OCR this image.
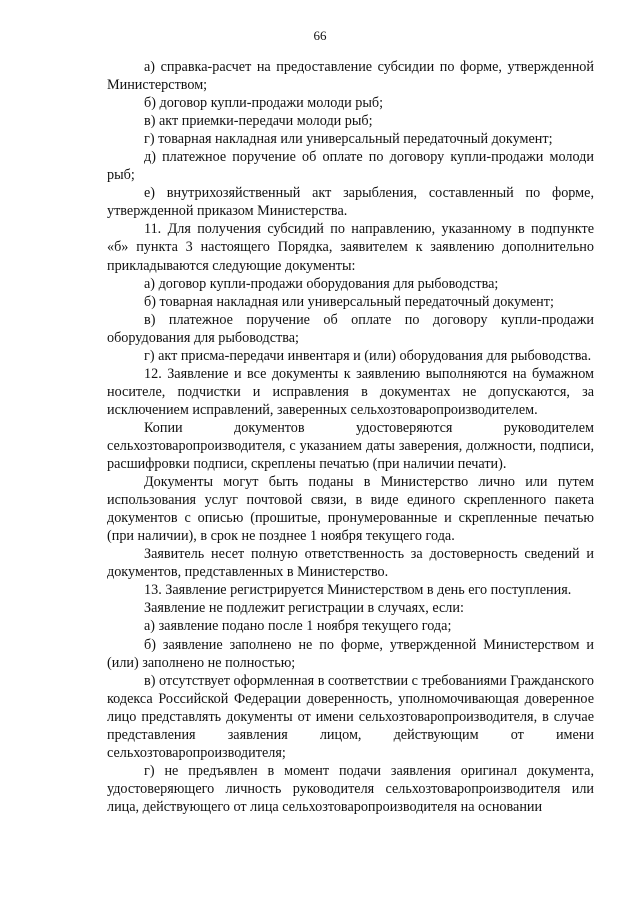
66

а) справка-расчет на предоставление субсидии по форме, утвержденной Министерством;

б) договор купли-продажи молоди рыб;

в) акт приемки-передачи молоди рыб;

г) товарная накладная или универсальный передаточный документ;

д) платежное поручение об оплате по договору купли-продажи молоди рыб;

е) внутрихозяйственный акт зарыбления, составленный по форме, утвержденной приказом Министерства.

11. Для получения субсидий по направлению, указанному в подпункте «б» пункта 3 настоящего Порядка, заявителем к заявлению дополнительно прикладываются следующие документы:

а) договор купли-продажи оборудования для рыбоводства;

б) товарная накладная или универсальный передаточный документ;

в) платежное поручение об оплате по договору купли-продажи оборудования для рыбоводства;

г) акт присма-передачи инвентаря и (или) оборудования для рыбоводства.

12. Заявление и все документы к заявлению выполняются на бумажном носителе, подчистки и исправления в документах не допускаются, за исключением исправлений, заверенных сельхозтоваропроизводителем.

Копии документов удостоверяются руководителем сельхозтоваропроизводителя, с указанием даты заверения, должности, подписи, расшифровки подписи, скреплены печатью (при наличии печати).

Документы могут быть поданы в Министерство лично или путем использования услуг почтовой связи, в виде единого скрепленного пакета документов с описью (прошитые, пронумерованные и скрепленные печатью (при наличии), в срок не позднее 1 ноября текущего года.

Заявитель несет полную ответственность за достоверность сведений и документов, представленных в Министерство.

13. Заявление регистрируется Министерством в день его поступления.

Заявление не подлежит регистрации в случаях, если:

а) заявление подано после 1 ноября текущего года;

б) заявление заполнено не по форме, утвержденной Министерством и (или) заполнено не полностью;

в) отсутствует оформленная в соответствии с требованиями Гражданского кодекса Российской Федерации доверенность, уполномочивающая доверенное лицо представлять документы от имени сельхозтоваропроизводителя, в случае представления заявления лицом, действующим от имени сельхозтоваропроизводителя;

г) не предъявлен в момент подачи заявления оригинал документа, удостоверяющего личность руководителя сельхозтоваропроизводителя или лица, действующего от лица сельхозтоваропроизводителя на основании
